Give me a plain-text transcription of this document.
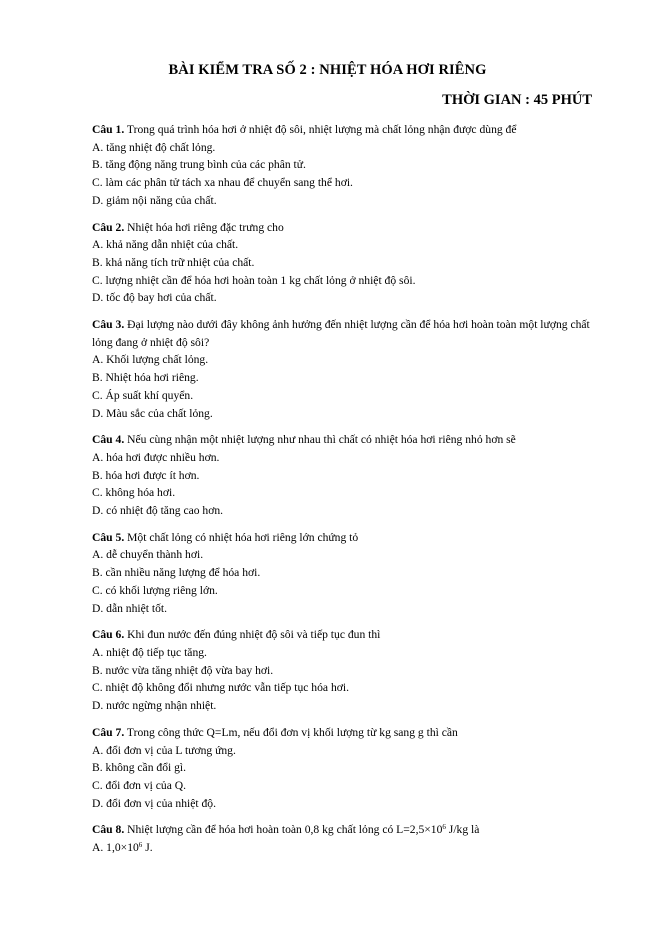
BÀI KIỂM TRA SỐ 2 : NHIỆT HÓA HƠI RIÊNG
THỜI GIAN : 45 PHÚT
Câu 1. Trong quá trình hóa hơi ở nhiệt độ sôi, nhiệt lượng mà chất lỏng nhận được dùng để
A. tăng nhiệt độ chất lỏng.
B. tăng động năng trung bình của các phân tử.
C. làm các phân tử tách xa nhau để chuyển sang thể hơi.
D. giảm nội năng của chất.
Câu 2. Nhiệt hóa hơi riêng đặc trưng cho
A. khả năng dẫn nhiệt của chất.
B. khả năng tích trữ nhiệt của chất.
C. lượng nhiệt cần để hóa hơi hoàn toàn 1 kg chất lỏng ở nhiệt độ sôi.
D. tốc độ bay hơi của chất.
Câu 3. Đại lượng nào dưới đây không ảnh hưởng đến nhiệt lượng cần để hóa hơi hoàn toàn một lượng chất lỏng đang ở nhiệt độ sôi?
A. Khối lượng chất lỏng.
B. Nhiệt hóa hơi riêng.
C. Áp suất khí quyển.
D. Màu sắc của chất lỏng.
Câu 4. Nếu cùng nhận một nhiệt lượng như nhau thì chất có nhiệt hóa hơi riêng nhỏ hơn sẽ
A. hóa hơi được nhiều hơn.
B. hóa hơi được ít hơn.
C. không hóa hơi.
D. có nhiệt độ tăng cao hơn.
Câu 5. Một chất lỏng có nhiệt hóa hơi riêng lớn chứng tỏ
A. dễ chuyển thành hơi.
B. cần nhiều năng lượng để hóa hơi.
C. có khối lượng riêng lớn.
D. dẫn nhiệt tốt.
Câu 6. Khi đun nước đến đúng nhiệt độ sôi và tiếp tục đun thì
A. nhiệt độ tiếp tục tăng.
B. nước vừa tăng nhiệt độ vừa bay hơi.
C. nhiệt độ không đổi nhưng nước vẫn tiếp tục hóa hơi.
D. nước ngừng nhận nhiệt.
Câu 7. Trong công thức Q=Lm, nếu đổi đơn vị khối lượng từ kg sang g thì cần
A. đổi đơn vị của L tương ứng.
B. không cần đổi gì.
C. đổi đơn vị của Q.
D. đổi đơn vị của nhiệt độ.
Câu 8. Nhiệt lượng cần để hóa hơi hoàn toàn 0,8 kg chất lỏng có $L=2,5\times 10^6$ J/kg là
A. $1,0\times 10^6$ J.
